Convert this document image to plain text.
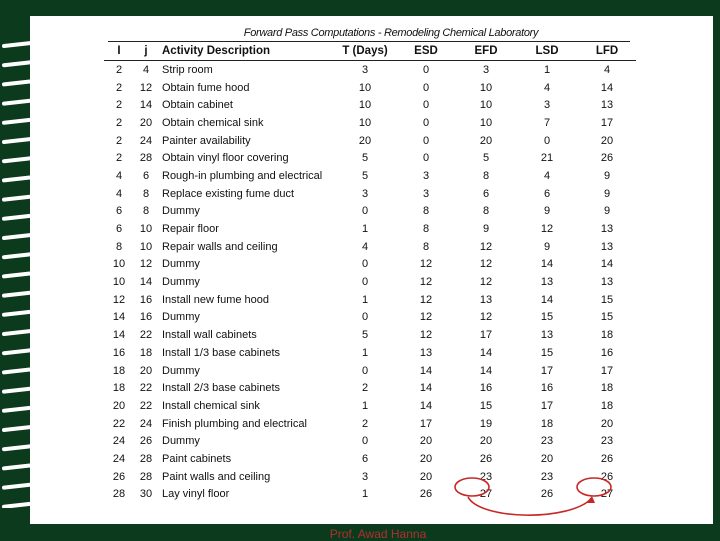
Forward Pass Computations - Remodeling Chemical Laboratory
I	j	Activity Description	T (Days)	ESD	EFD	LSD	LFD
2	4	Strip room	3	0	3	1	4
2	12	Obtain fume hood	10	0	10	4	14
2	14	Obtain cabinet	10	0	10	3	13
2	20	Obtain chemical sink	10	0	10	7	17
2	24	Painter availability	20	0	20	0	20
2	28	Obtain vinyl floor covering	5	0	5	21	26
4	6	Rough-in plumbing and electrical	5	3	8	4	9
4	8	Replace existing fume duct	3	3	6	6	9
6	8	Dummy	0	8	8	9	9
6	10	Repair floor	1	8	9	12	13
8	10	Repair walls and ceiling	4	8	12	9	13
10	12	Dummy	0	12	12	14	14
10	14	Dummy	0	12	12	13	13
12	16	Install new fume hood	1	12	13	14	15
14	16	Dummy	0	12	12	15	15
14	22	Install wall cabinets	5	12	17	13	18
16	18	Install 1/3 base cabinets	1	13	14	15	16
18	20	Dummy	0	14	14	17	17
18	22	Install 2/3 base cabinets	2	14	16	16	18
20	22	Install chemical sink	1	14	15	17	18
22	24	Finish plumbing and electrical	2	17	19	18	20
24	26	Dummy	0	20	20	23	23
24	28	Paint cabinets	6	20	26	20	26
26	28	Paint walls and ceiling	3	20	23	23	26
28	30	Lay vinyl floor	1	26	27	26	27
Prof. Awad Hanna
